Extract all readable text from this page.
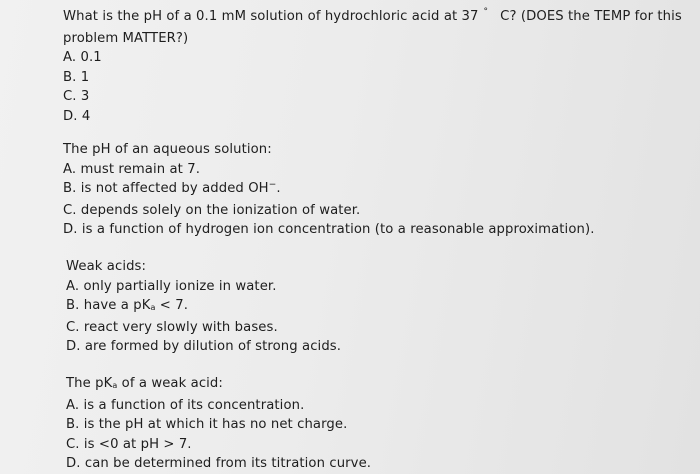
What is the pH of a 0.1 mM solution of hydrochloric acid at 37 ° C? (DOES the TEMP for this problem MATTER?)
A. 0.1
B. 1
C. 3
D. 4
The pH of an aqueous solution:
A. must remain at 7.
B. is not affected by added OH−.
C. depends solely on the ionization of water.
D. is a function of hydrogen ion concentration (to a reasonable approximation).
Weak acids:
A. only partially ionize in water.
B. have a $pK_a < 7$.
C. react very slowly with bases.
D. are formed by dilution of strong acids.
The $pK_a$ of a weak acid:
A. is a function of its concentration.
B. is the pH at which it has no net charge.
C. is <0 at pH > 7.
D. can be determined from its titration curve.
